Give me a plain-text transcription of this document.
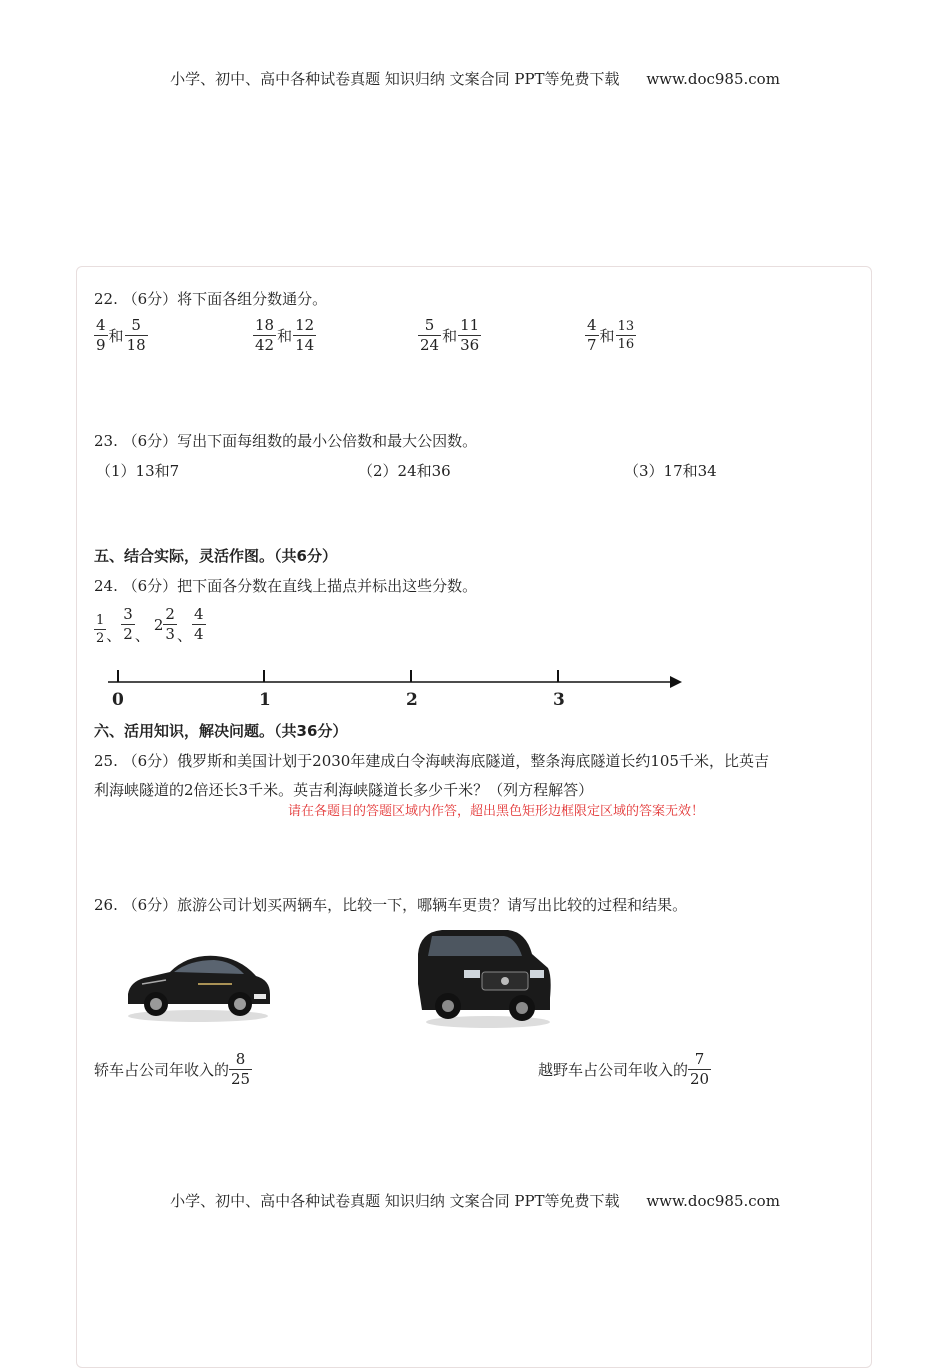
小学、初中、高中各种试卷真题 知识归纳 文案合同 PPT等免费下载 www.doc985.com
22. （6分）将下面各组分数通分。
$\frac{4}{9}$ 和 $\frac{5}{18}$	$\frac{18}{42}$ 和 $\frac{12}{14}$	$\frac{5}{24}$ 和 $\frac{11}{36}$	$\frac{4}{7}$ 和 $\frac{13}{16}$
23. （6分）写出下面每组数的最小公倍数和最大公因数。
（1）13和7	（2）24和36	（3）17和34
五、结合实际，灵活作图。（共6分）
24. （6分）把下面各分数在直线上描点并标出这些分数。
$\frac{1}{2}$ 、 $\frac{3}{2}$ 、$2 \frac{2}{3}$ 、 $\frac{4}{4}$
0	1	2	3
六、活用知识，解决问题。（共36分）
25. （6分）俄罗斯和美国计划于2030年建成白令海峡海底隧道，整条海底隧道长约105千米，比英吉
利海峡隧道的2倍还长3千米。英吉利海峡隧道长多少千米？（列方程解答）
请在各题目的答题区域内作答，超出黑色矩形边框限定区域的答案无效！
26. （6分）旅游公司计划买两辆车，比较一下，哪辆车更贵？请写出比较的过程和结果。
轿车占公司年收入的 $\frac{8}{25}$	越野车占公司年收入的 $\frac{7}{20}$
小学、初中、高中各种试卷真题 知识归纳 文案合同 PPT等免费下载 www.doc985.com
